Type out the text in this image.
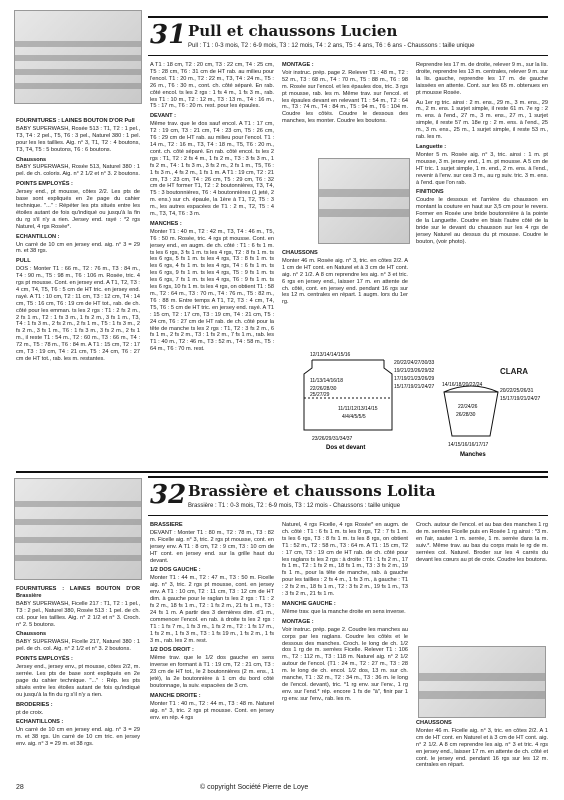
31 Pull et chaussons Lucien
Pull : T1 : 0-3 mois, T2 : 6-9 mois, T3 : 12 mois, T4 : 2 ans, T5 : 4 ans, T6 : 6 ans - Chaussons : taille unique

FOURNITURES : LAINES BOUTON D'OR Pull
BABY SUPERWASH, Rosée 513 : T1, T2 : 1 pel., T3, T4 : 2 pel., T5, T6 : 3 pel., Naturel 380 : 1 pel. pour les les taillies. Aig. n° 3, T1, T2 : 4 boutons, T3, T4, T5 : 5 boutons, T6 : 6 boutons.

Chaussons
BABY SUPERWASH, Rosée 513, Naturel 380 : 1 pel. de ch. coloris. Aig. n° 2 1/2 et n° 3. 2 boutons.

POINTS EMPLOYÉS :
Jersey end., pt mousse, côtes 2/2. Les pts de base sont expliqués en 2e page du cahier technique. "..." : Répéter les pts situés entre les étoiles autant de fois qu'indiqué ou jusqu'à la fin du rg s'il n'y a rien. Jersey end. rayé : *2 rgs Naturel, 4 rgs Rosée*.

ECHANTILLON :
Un carré de 10 cm en jersey end. aig. n° 3 = 29 m. et 38 rgs.

PULL
DOS : Monter T1 : 66 m., T2 : 76 m., T3 : 84 m., T4 : 90 m., T5 : 98 m., T6 : 106 m. Rosée, tric. 4 rgs pt mousse. Cont. en jersey end. A T1, T2, T3 : 4 cm, T4, T5, T6 : 5 cm de HT tric. en jersey end. rayé. A T1 : 10 cm, T2 : 11 cm, T3 : 12 cm, T4 : 14 cm, T5 : 16 cm, T6 : 19 cm de HT tot., rab. de ch. côté pour les emman. ts les 2 rgs : T1 : 2 fs 2 m., 2 fs 1 m., T2 : 1 fs 3 m., 1 fs 2 m., 3 fs 1 m., T3, T4 : 1 fs 3 m., 2 fs 2 m., 2 fs 1 m., T5 : 1 fs 3 m., 2 fs 2 m., 3 fs 1 m., T6 : 1 fs 3 m., 3 fs 2 m., 2 fs 1 m., il reste T1 : 54 m., T2 : 60 m., T3 : 66 m., T4 : 72 m., T5 : 78 m., T6 : 84 m. A T1 : 15 cm, T2 : 17 cm, T3 : 19 cm, T4 : 21 cm, T5 : 24 cm, T6 : 27 cm de HT tot., rab. les m. restantes.

A T1 : 18 cm, T2 : 20 cm, T3 : 22 cm, T4 : 25 cm, T5 : 28 cm, T6 : 31 cm de HT rab. au milieu pour l'encol. T1 : 20 m., T2 : 22 m., T3, T4 : 24 m., T5 : 26 m., T6 : 30 m., cont. ch. côté séparé. En rab. côté encol. ts les 2 rgs : 1 fs 4 m., 1 fs 3 m., rab. les T1 : 10 m., T2 : 12 m., T3 : 13 m., T4 : 16 m., T5 : 17 m., T6 : 20 m. rest. pour les épaules.

DEVANT :
Même trav. que le dos sauf encol. A T1 : 17 cm, T2 : 19 cm, T3 : 21 cm, T4 : 23 cm, T5 : 26 cm, T6 : 29 cm de HT rab. au milieu pour l'encol. T1 : 14 m., T2 : 16 m., T3, T4 : 18 m., T5, T6 : 20 m., cont. ch. côté séparé. En rab. côté encol. ts les 2 rgs : T1, T2 : 2 fs 4 m., 1 fs 2 m., T3 : 3 fs 3 m., 1 fs 2 m., T4 : 1 fs 3 m., 3 fs 2 m., 2 fs 1 m., T5, T6 : 1 fs 3 m., 4 fs 2 m., 1 fs 1 m. A T1 : 19 cm, T2 : 21 cm, T3 : 23 cm, T4 : 26 cm, T5 : 29 cm, T6 : 32 cm de HT former T1, T2 : 2 boutonnières, T3, T4, T5 : 3 boutonnières, T6 : 4 boutonnières (1 jeté, 2 m. ens.) sur ch. épaule, la 1ère à T1, T2, T5 : 3 m., les autres espacées de T1 : 2 m., T2, T5 : 4 m., T3, T4, T6 : 3 m.

MANCHES :
Monter T1 : 40 m., T2 : 42 m., T3, T4 : 46 m., T5, T6 : 50 m. Rosée, tric. 4 rgs pt mousse. Cont. en jersey end., en augm. de ch. côté : T1 : 6 fs 1 m. ts les 6 rgs, 3 fs 1 m. ts les 4 rgs, T2 : 8 fs 1 m. ts les 6 rgs, 5 fs 1 m. ts les 4 rgs, T3 : 8 fs 1 m. ts les 6 rgs, 4 fs 1 m. ts les 4 rgs, T4 : 6 fs 1 m. ts les 6 rgs, 9 fs 1 m. ts les 4 rgs, T5 : 9 fs 1 m. ts les 6 rgs, 7 fs 1 m. ts les 4 rgs, T6 : 9 fs 1 m. ts les 6 rgs, 10 fs 1 m. ts les 4 rgs, on obtient T1 : 58 m., T2 : 64 m., T3 : 70 m., T4 : 76 m., T5 : 82 m., T6 : 88 m. Entre temps A T1, T2, T3 : 4 cm, T4, T5, T6 : 5 cm de HT tric. en jersey end. rayé. A T1 : 15 cm, T2 : 17 cm, T3 : 19 cm, T4 : 21 cm, T5 : 24 cm, T6 : 27 cm de HT rab. de ch. côté pour la tête de manche ts les 2 rgs : T1, T2 : 3 fs 2 m., 6 fs 1 m., 2 fs 2 m., T3 : 1 fs 2 m., 7 fs 1 m., rab. les T1 : 40 m., T2 : 46 m., T3 : 52 m., T4 : 58 m., T5 : 64 m., T6 : 70 m. rest.

MONTAGE :
Voir instruc. prép. page 2. Relever T1 : 48 m., T2 : 52 m., T3 : 68 m., T4 : 70 m., T5 : 88 m., T6 : 98 m. Rosée sur l'encol. et les épaules dos, tric. 3 rgs pt mousse, rab. les m. Même trav. sur l'encol. et les épaules devant en relevant T1 : 54 m., T2 : 64 m., T3 : 74 m., T4 : 84 m., T5 : 94 m., T6 : 104 m. Coudre les côtés. Coudre le dessous des manches, les monter. Coudre les boutons.

CHAUSSONS
Monter 46 m. Rosée aig. n° 3, tric. en côtes 2/2. A 1 cm de HT cont. en Naturel et à 3 cm de HT cont. aig. n° 2 1/2. A 8 cm reprendre les aig. n° 3 et tric. 6 rgs en jersey end., laisser 17 m. en attente de ch. côté, cont. en jersey end. pendant 16 rgs sur les 12 m. centrales en répart. 1 augm. lors du 1er rg.

Reprendre les 17 m. de droite, relever 9 m., sur la lis. droite, reprendre les 13 m. centrales, relever 9 m. sur la lis. gauche, reprendre les 17 m. de gauche laissées en attente. Cont. sur les 65 m. obtenues en pt mousse Rosée.

Au 1er rg tric. ainsi : 2 m. ens., 29 m., 3 m. ens., 29 m., 2 m. ens. 1 surjet simple, il reste 61 m. 7e rg : 2 m. ens. à l'end., 27 m., 3 m. ens., 27 m., 1 surjet simple, il reste 57 m. 18e rg : 2 m. ens. à l'end., 25 m., 3 m. ens., 25 m., 1 surjet simple, il reste 53 m., rab. les m.

Languette :
Monter 5 m. Rosée aig. n° 3, tric. ainsi : 1 m. pt mousse, 3 m. jersey end., 1 m. pt mousse. A 5 cm de HT tric. 1 surjet simple, 1 m. end., 2 m. ens. à l'end., revenir à l'env. sur ces 3 m., au rg suiv. tric. 3 m. ens. à l'end. que l'on rab.

FINITIONS
Coudre le dessous et l'arrière du chausson en montant la couture en haut sur 3,5 cm pour le revers. Former en Rosée une bride boutonnière à la pointe de la Languette. Coudre en biais l'autre côté de la bride sur le devant du chausson sur les 4 rgs de jersey Naturel au dessus du pt mousse. Coudre le bouton, (voir photo).

CLARA
12/13/14/14/15/16
11/13/14/16/18
22/26/28/30
25/27/29
11/11/12/13/14/15
4/4/4/5/5/5
20/22/24/27/30/33
19/21/23/26/29/32
17/19/21/23/26/29
15/17/19/21/24/27
23/26/29/31/34/37
Dos et devant
14/16/18/20/22/24
22/24/26
26/28/30
20/22/25/26/31
15/17/19/21/24/27
14/15/16/16/17/17
Manches
32 Brassière et chaussons Lolita
Brassière : T1 : 0-3 mois, T2 : 6-9 mois, T3 : 12 mois - Chaussons : taille unique

FOURNITURES : LAINES BOUTON D'OR Brassière
BABY SUPERWASH, Ficelle 217 : T1, T2 : 1 pel., T3 : 2 pel., Naturel 380, Rosée 513 : 1 pel. de ch. col. pour les taillies. Aig. n° 2 1/2 et n° 3. Croch. n° 2. 5 boutons.

Chaussons
BABY SUPERWASH, Ficelle 217, Naturel 380 : 1 pel. de ch. col. Aig. n° 2 1/2 et n° 3. 2 boutons.

POINTS EMPLOYÉS :
Jersey end., jersey env., pt mousse, côtes 2/2, m. serrée. Les pts de base sont expliqués en 2e page du cahier technique. "..." : Rép. les pts situés entre les étoiles autant de fois qu'indiqué ou jusqu'à la fin du rg s'il n'y a rien.

BRODERIES :
pt de croix.

ECHANTILLONS :
Un carré de 10 cm en jersey end. aig. n° 3 = 29 m. et 38 rgs. Un carré de 10 cm tric. en jersey env. aig. n° 3 = 29 m. et 38 rgs.

BRASSIÈRE
DEVANT : Monter T1 : 80 m., T2 : 78 m., T3 : 82 m. Ficelle aig. n° 3, tric. 2 rgs pt mousse, cont. en jersey env. A T1 : 8 cm, T2 : 9 cm, T3 : 10 cm de HT cont. en jersey end. sur la grille haut du devant.

1/2 DOS GAUCHE :
Monter T1 : 44 m., T2 : 47 m., T3 : 50 m. Ficelle aig. n° 3, tric. 2 rgs pt mousse, cont. en jersey env. A T1 : 10 cm, T2 : 11 cm, T3 : 12 cm de HT dim. à gauche pour le raglan ts les 2 rgs : T1 : 2 fs 2 m., 18 fs 1 m., T2 : 1 fs 2 m., 21 fs 1 m., T3 : 24 fs 1 m. A partir des 3 dernières dim. d'1 m., commencer l'encol. en rab. à droite ts les 2 rgs : T1 : 1 fs 7 m., 1 fs 3 m., 1 fs 2 m., T2 : 1 fs 17 m., 1 fs 2 m., 1 fs 3 m., T3 : 1 fs 19 m., 1 fs 2 m., 1 fs 3 m., rab. les 2 m. rest.

1/2 DOS DROIT :
Même trav. que le 1/2 dos gauche en sens inverse en formant à T1 : 19 cm, T2 : 21 cm, T3 : 23 cm de HT tot., le 2 boutonnières (2 m. ens., 1 jeté), la 2e boutonnière à 1 cm du bord côté boutonnage, la suiv. espacées de 3 cm.

MANCHE DROITE :
Monter T1 : 40 m., T2 : 44 m., T3 : 48 m. Naturel aig. n° 3, tric. 2 rgs pt mousse. Cont. en jersey env. en rép. 4 rgs

Naturel, 4 rgs Ficelle, 4 rgs Rosée* en augm. de ch. côté : T1 : 6 fs 1 m. ts les 8 rgs, T2 : 7 fs 1 m. ts les 6 rgs, T3 : 8 fs 1 m. ts les 8 rgs, on obtient T1 : 52 m., T2 : 58 m., T3 : 64 m. A T1 : 15 cm, T2 : 17 cm, T3 : 19 cm de HT rab. de ch. côté pour les raglans ts les 2 rgs : à droite : T1 : 1 fs 2 m., 17 fs 1 m., T2 : 1 fs 2 m., 18 fs 1 m., T3 : 3 fs 2 m., 19 fs 1 m., pour la tête de manche, rab. à gauche pour les taillies : 2 fs 4 m., 1 fs 3 m., à gauche : T1 : 2 fs 2 m., 18 fs 1 m., T2 : 3 fs 2 m., 19 fs 1 m., T3 : 3 fs 2 m., 21 fs 1 m.

MANCHE GAUCHE :
Même trav. que la manche droite en sens inverse.

MONTAGE :
Voir instruc. prép. page 2. Coudre les manches au corps par les raglans. Coudre les côtés et le dessous des manches. Croch. le long de ch. 1/2 dos 1 rg de m. serrées Ficelle. Relever T1 : 106 m., T2 : 112 m., T3 : 118 m. Naturel aig. n° 2 1/2 autour de l'encol. (T1 : 24 m., T2 : 27 m., T3 : 28 m. le long de ch. encol. 1/2 dos, 13 m. sur ch. manche, T1 : 32 m., T2 : 34 m., T3 : 36 m. le long de l'encol. devant), tric. *1 rg env. sur l'env., 1 rg env. sur l'end.* rép. encore 1 fs de "à", finir par 1 rg env. sur l'env., rab. les m.

Croch. autour de l'encol. et au bas des manches 1 rg de m. serrées Ficelle puis en Rosée 1 rg ainsi : *3 m. en l'air, sauter 1 m. serrée, 1 m. serrée dans la m. suiv.*. Même trav. au bas du corps mais le rg de m. serrées col. Naturel. Broder sur les 4 carrés du devant les cœurs au pt de croix. Coudre les boutons.

CHAUSSONS
Monter 46 m. Ficelle aig. n° 3, tric. en côtes 2/2. A 1 cm de HT cont. en Naturel et à 3 cm de HT cont. aig. n° 2 1/2. A 8 cm reprendre les aig. n° 3 et tric. 4 rgs en jersey end., laisser 17 m. en attente de ch. côté et cont. le jersey end. pendant 16 rgs sur les 12 m. centrales en répart.

28	© copyright Société Pierre de Loye
